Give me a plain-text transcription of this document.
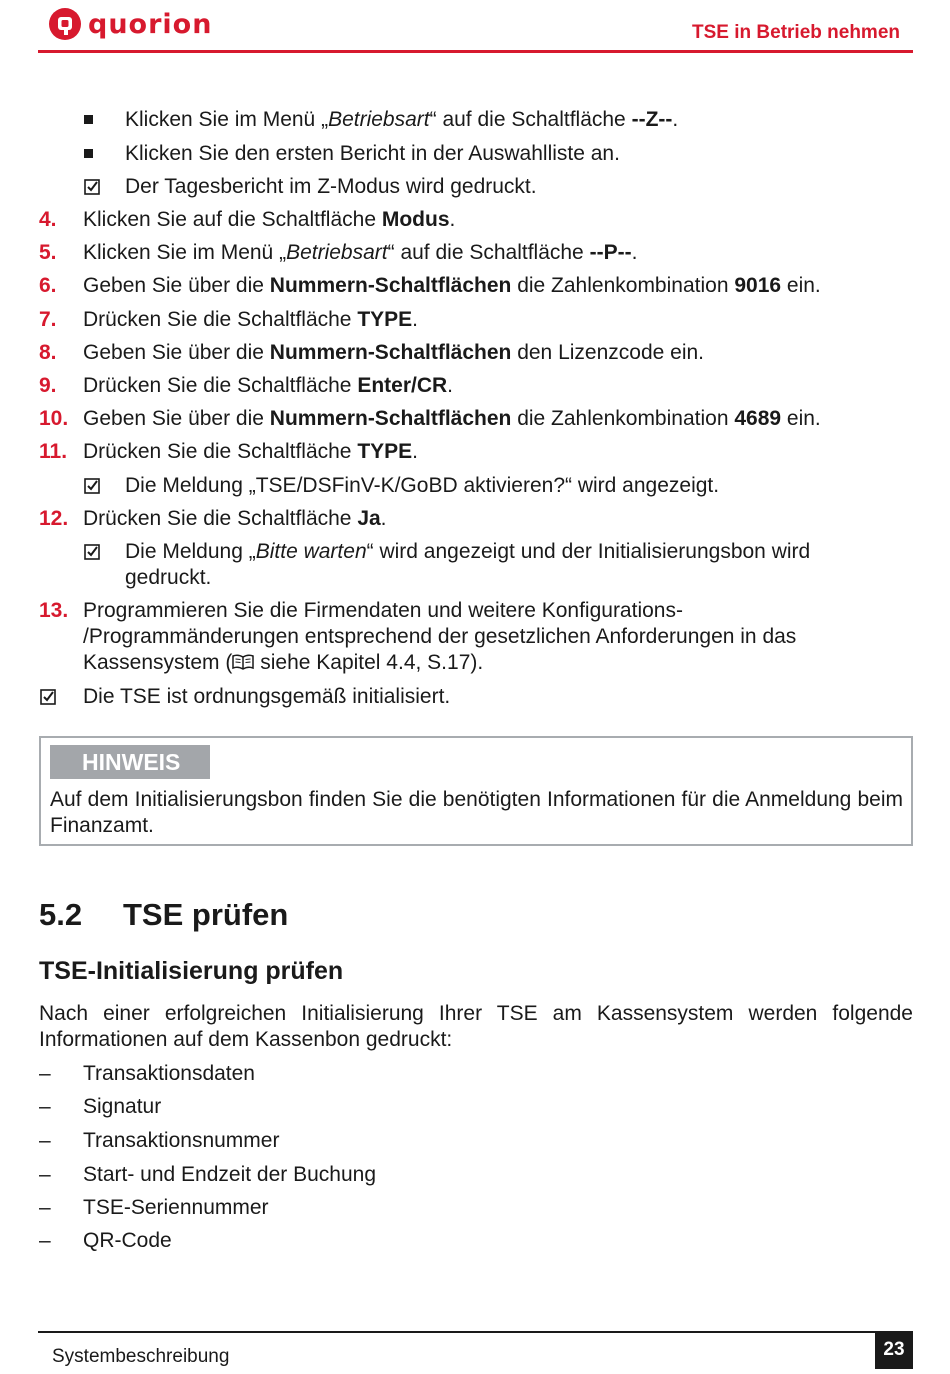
quorion	TSE in Betrieb nehmen
Klicken Sie im Menü „Betriebsart“ auf die Schaltfläche --Z--.
Klicken Sie den ersten Bericht in der Auswahlliste an.
Der Tagesbericht im Z-Modus wird gedruckt.
4. Klicken Sie auf die Schaltfläche Modus.
5. Klicken Sie im Menü „Betriebsart“ auf die Schaltfläche --P--.
6. Geben Sie über die Nummern-Schaltflächen die Zahlenkombination 9016 ein.
7. Drücken Sie die Schaltfläche TYPE.
8. Geben Sie über die Nummern-Schaltflächen den Lizenzcode ein.
9. Drücken Sie die Schaltfläche Enter/CR.
10. Geben Sie über die Nummern-Schaltflächen die Zahlenkombination 4689 ein.
11. Drücken Sie die Schaltfläche TYPE.
Die Meldung „TSE/DSFinV-K/GoBD aktivieren?“ wird angezeigt.
12. Drücken Sie die Schaltfläche Ja.
Die Meldung „Bitte warten“ wird angezeigt und der Initialisierungsbon wird
gedruckt.
13. Programmieren Sie die Firmendaten und weitere Konfigurations-
/Programmänderungen entsprechend der gesetzlichen Anforderungen in das
Kassensystem ( siehe Kapitel 4.4, S.17).
Die TSE ist ordnungsgemäß initialisiert.
HINWEIS
Auf dem Initialisierungsbon finden Sie die benötigten Informationen für die Anmeldung beim Finanzamt.
5.2 TSE prüfen
TSE-Initialisierung prüfen
Nach einer erfolgreichen Initialisierung Ihrer TSE am Kassensystem werden folgende Informationen auf dem Kassenbon gedruckt:
– Transaktionsdaten
– Signatur
– Transaktionsnummer
– Start- und Endzeit der Buchung
– TSE-Seriennummer
– QR-Code
Systembeschreibung	23
